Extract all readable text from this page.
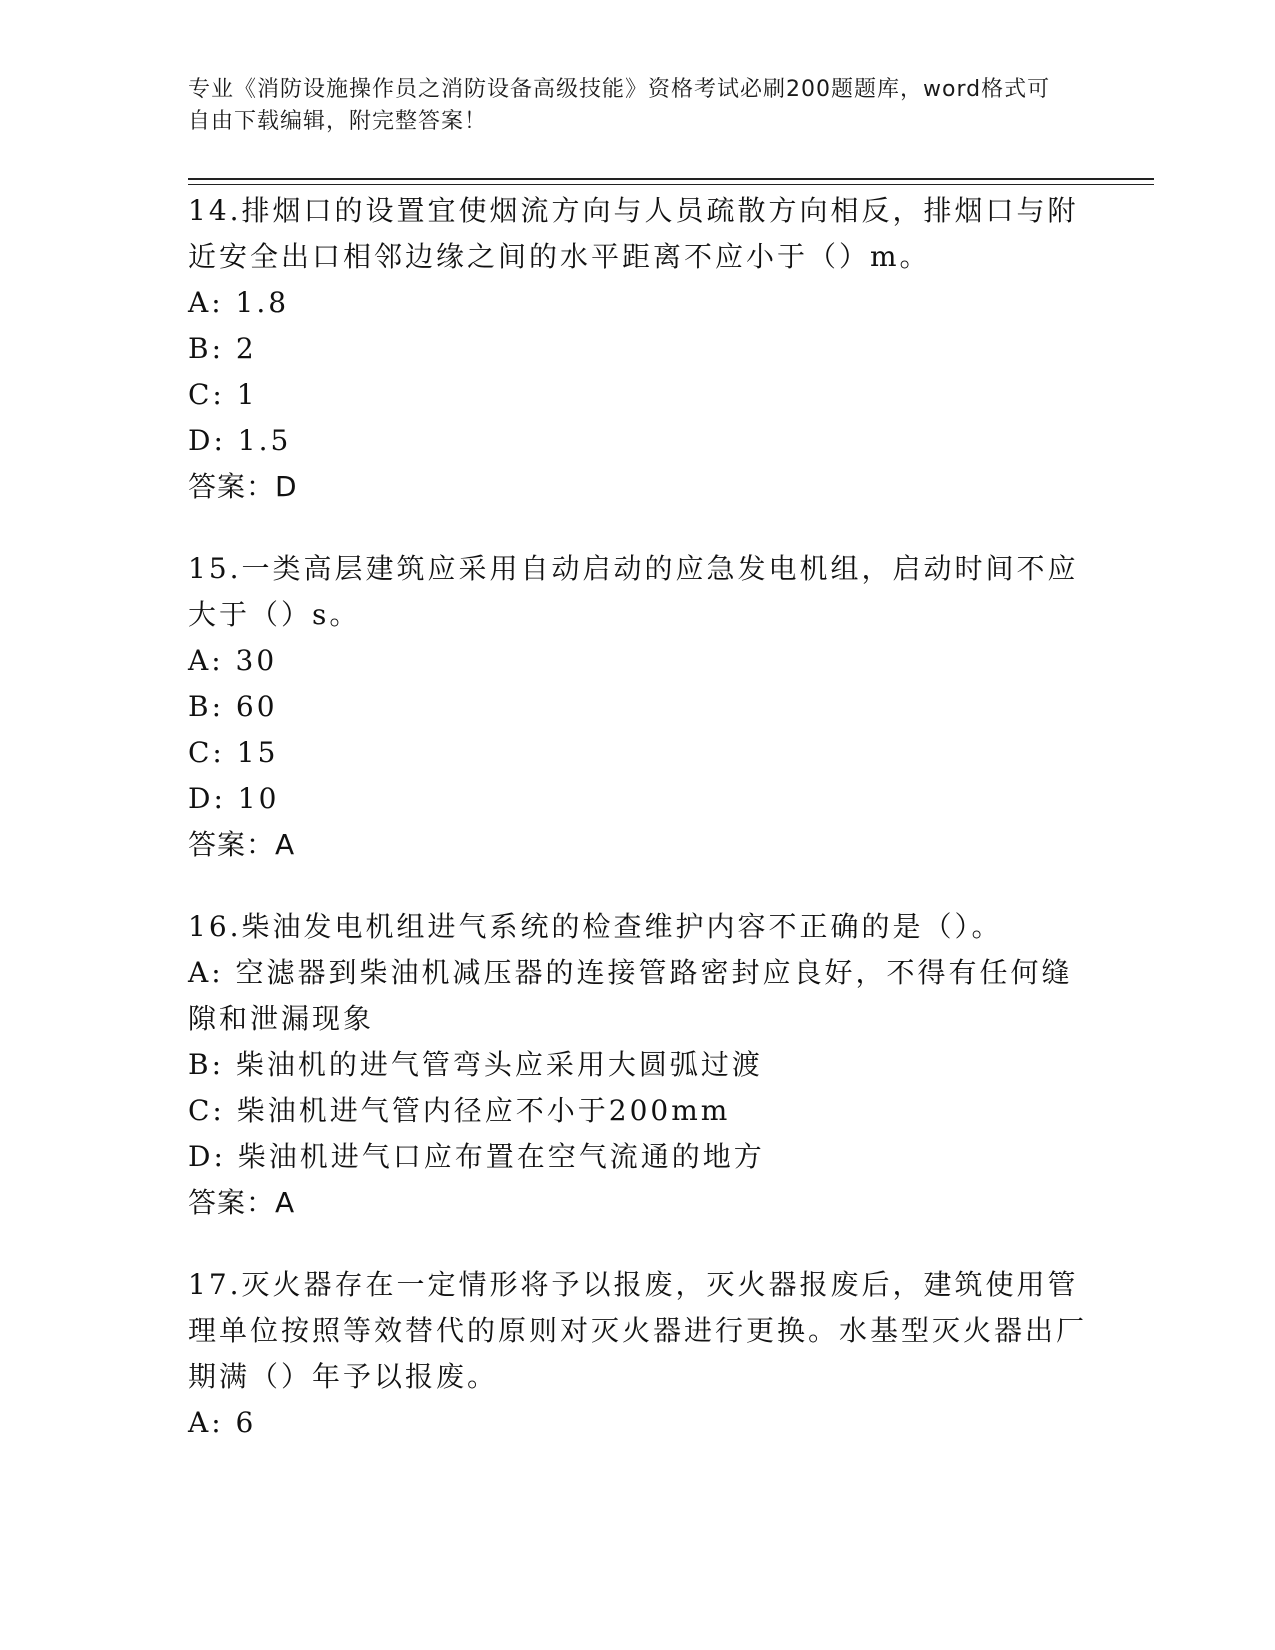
专业《消防设施操作员之消防设备高级技能》资格考试必刷200题题库，word格式可自由下载编辑，附完整答案！
14.排烟口的设置宜使烟流方向与人员疏散方向相反，排烟口与附近安全出口相邻边缘之间的水平距离不应小于（）m。
A: 1.8
B: 2
C: 1
D: 1.5
答案：D
15.一类高层建筑应采用自动启动的应急发电机组，启动时间不应大于（）s。
A: 30
B: 60
C: 15
D: 10
答案：A
16.柴油发电机组进气系统的检查维护内容不正确的是（）。
A: 空滤器到柴油机减压器的连接管路密封应良好，不得有任何缝隙和泄漏现象
B: 柴油机的进气管弯头应采用大圆弧过渡
C: 柴油机进气管内径应不小于200mm
D: 柴油机进气口应布置在空气流通的地方
答案：A
17.灭火器存在一定情形将予以报废，灭火器报废后，建筑使用管理单位按照等效替代的原则对灭火器进行更换。水基型灭火器出厂期满（）年予以报废。
A: 6
